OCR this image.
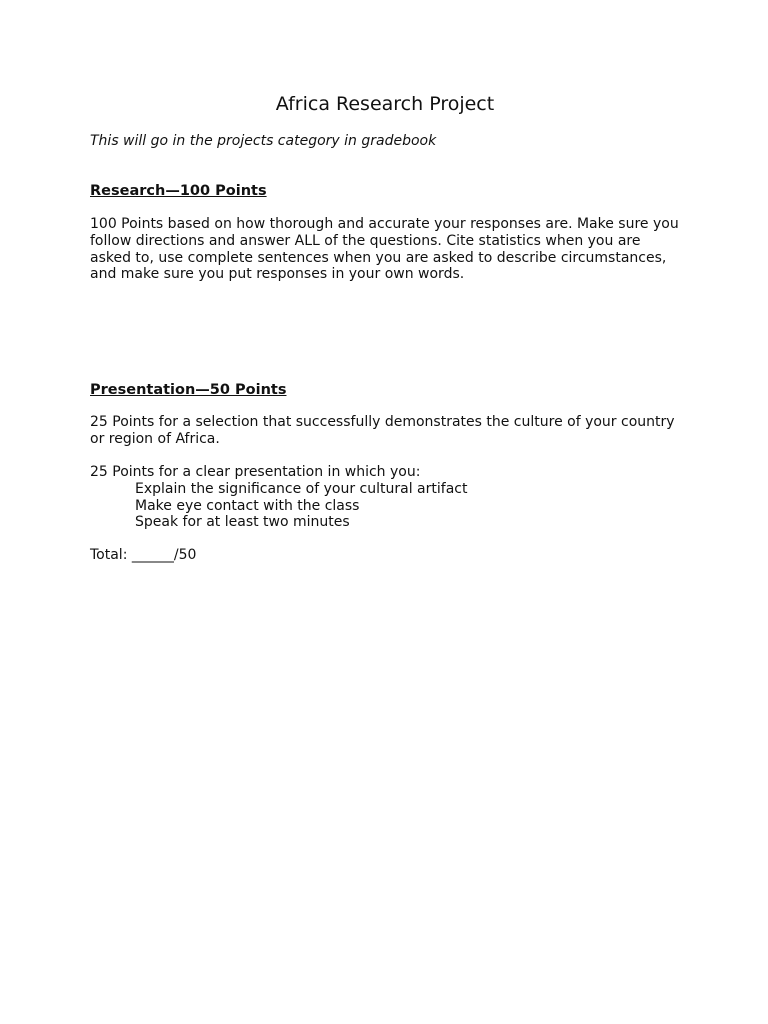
Africa Research Project

This will go in the projects category in gradebook

Research—100 Points

100 Points based on how thorough and accurate your responses are. Make sure you follow directions and answer ALL of the questions. Cite statistics when you are asked to, use complete sentences when you are asked to describe circumstances, and make sure you put responses in your own words.

Presentation—50 Points

25 Points for a selection that successfully demonstrates the culture of your country or region of Africa.

25 Points for a clear presentation in which you:

Explain the significance of your cultural artifact
Make eye contact with the class
Speak for at least two minutes

Total: ______/50
